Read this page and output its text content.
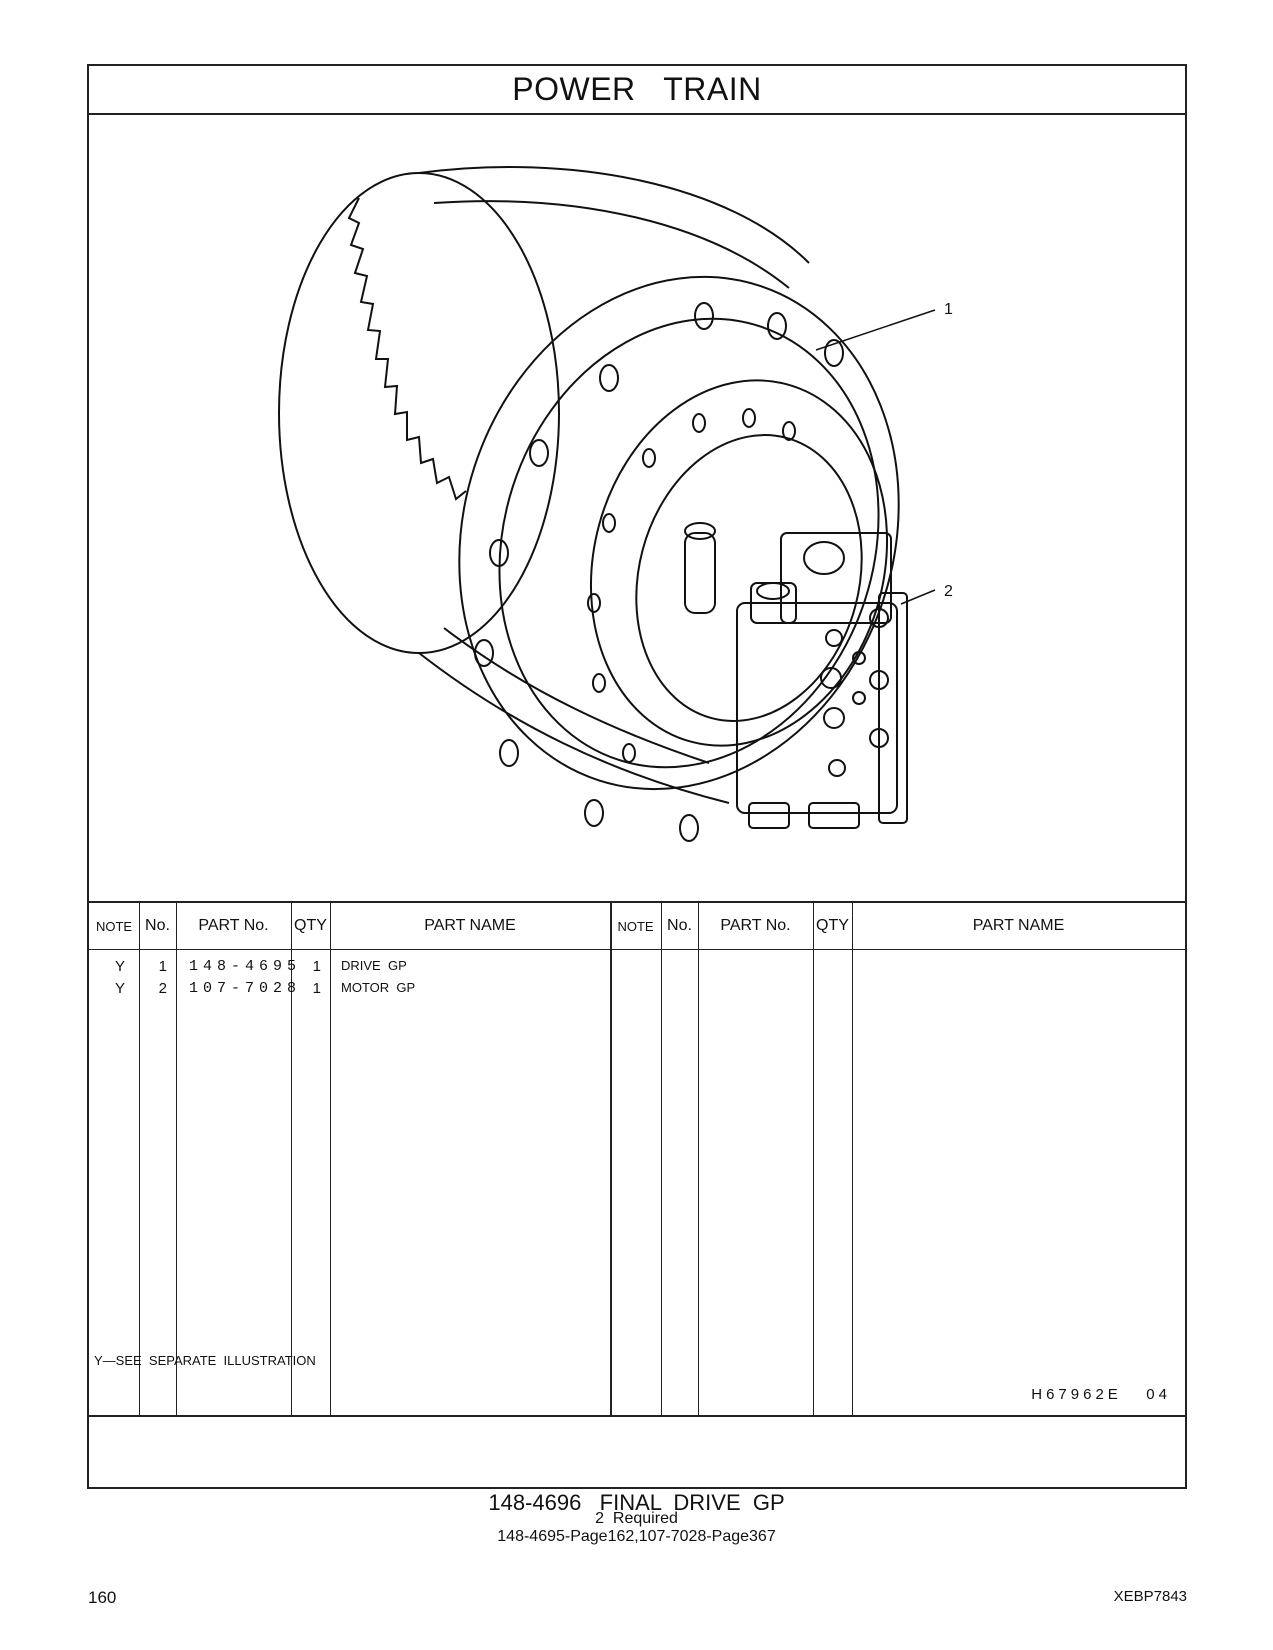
POWER   TRAIN
1
2
NOTE No.	PART No.	QTY	PART NAME	NOTE No.	PART No.	QTY	PART NAME
Y	1 148-4695 1 DRIVE  GP
Y	2 107-7028 1 MOTOR  GP
Y—SEE  SEPARATE  ILLUSTRATION
H67962E   04
148-4696   FINAL  DRIVE  GP
2  Required
148-4695-Page162,107-7028-Page367
160	XEBP7843
